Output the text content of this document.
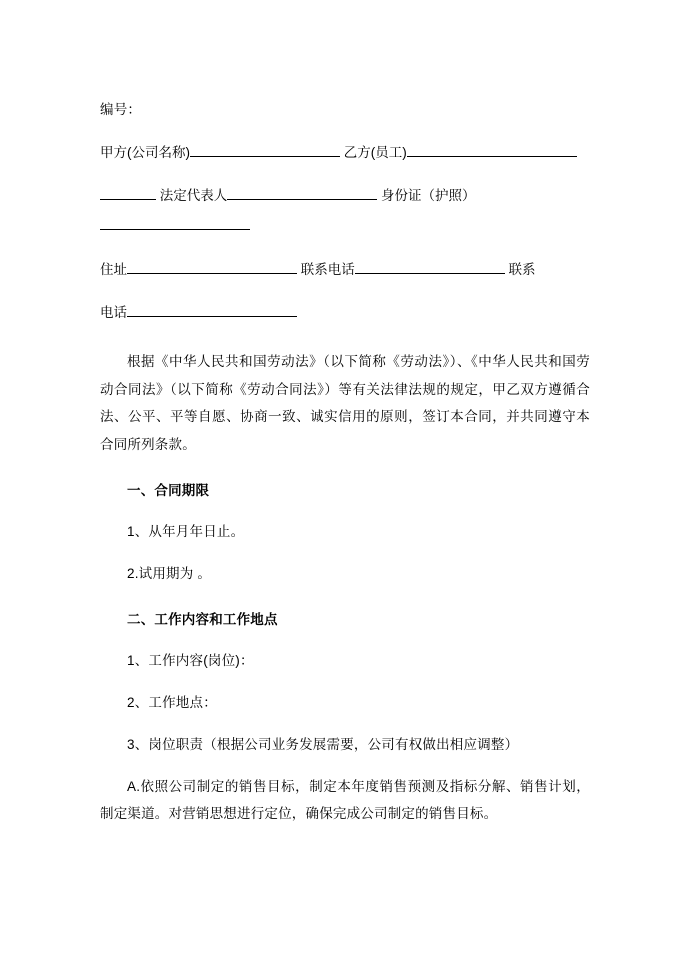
编号：

甲方(公司名称)	乙方(员工)

法定代表人	身份证（护照）

住址	联系电话	联系

电话

根据《中华人民共和国劳动法》（以下简称《劳动法》）、《中华人民共和国劳动合同法》（以下简称《劳动合同法》）等有关法律法规的规定，甲乙双方遵循合法、公平、平等自愿、协商一致、诚实信用的原则，签订本合同，并共同遵守本合同所列条款。

一、合同期限

1、从年月年日止。

2.试用期为 。

二、工作内容和工作地点

1、工作内容(岗位)：

2、工作地点：

3、岗位职责（根据公司业务发展需要，公司有权做出相应调整）

A.依照公司制定的销售目标，制定本年度销售预测及指标分解、销售计划，制定渠道。对营销思想进行定位，确保完成公司制定的销售目标。
